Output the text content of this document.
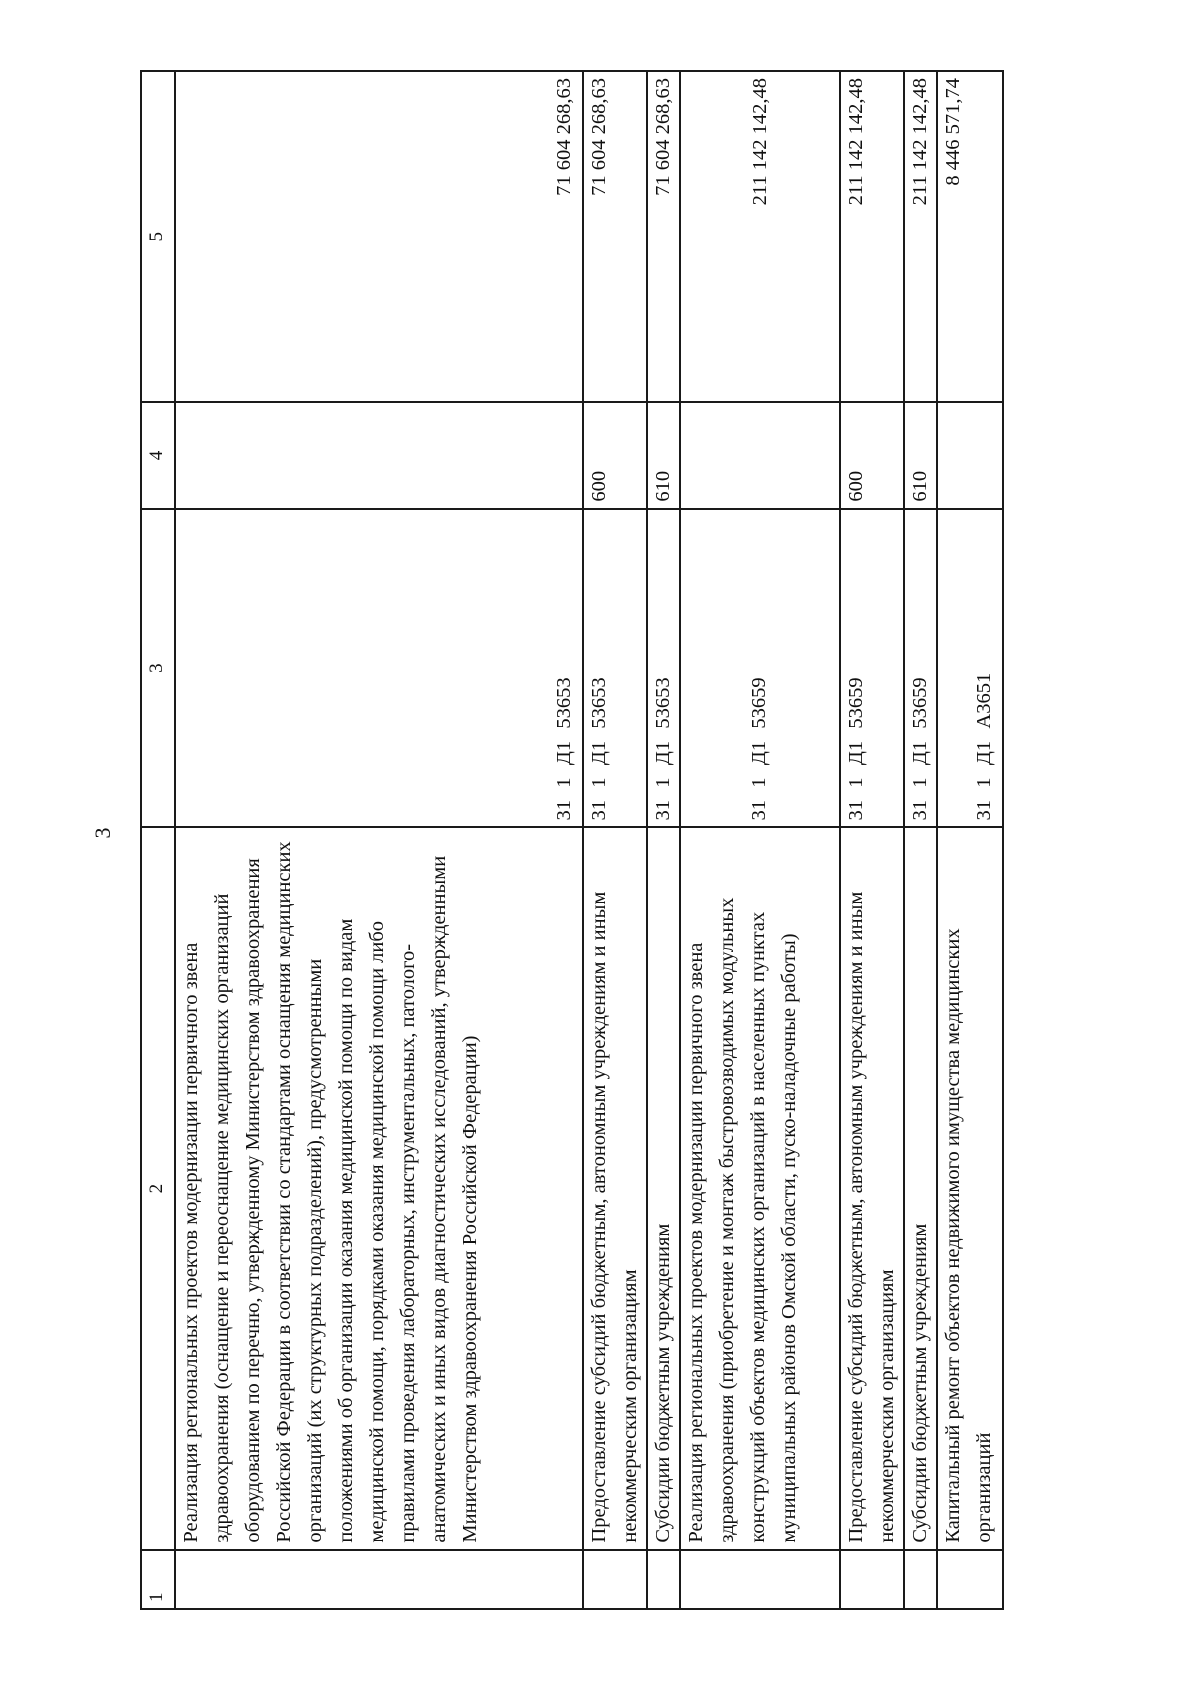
3
1	2	3	4	5
	Реализация региональных проектов модернизации первичного звена здравоохранения (оснащение и переоснащение медицинских организаций оборудованием по перечню, утвержденному Министерством здравоохранения Российской Федерации в соответствии со стандартами оснащения медицинских организаций (их структурных подразделений), предусмотренными положениями об организации оказания медицинской помощи по видам медицинской помощи, порядками оказания медицинской помощи либо правилами проведения лабораторных, инструментальных, патолого-анатомических и иных видов диагностических исследований, утвержденными Министерством здравоохранения Российской Федерации)	31 1 Д1 53653		71 604 268,63
	Предоставление субсидий бюджетным, автономным учреждениям и иным некоммерческим организациям	31 1 Д1 53653	600	71 604 268,63
	Субсидии бюджетным учреждениям	31 1 Д1 53653	610	71 604 268,63
	Реализация региональных проектов модернизации первичного звена здравоохранения (приобретение и монтаж быстровозводимых модульных конструкций объектов медицинских организаций в населенных пунктах муниципальных районов Омской области, пуско-наладочные работы)	31 1 Д1 53659		211 142 142,48
	Предоставление субсидий бюджетным, автономным учреждениям и иным некоммерческим организациям	31 1 Д1 53659	600	211 142 142,48
	Субсидии бюджетным учреждениям	31 1 Д1 53659	610	211 142 142,48
	Капитальный ремонт объектов недвижимого имущества медицинских организаций	31 1 Д1 А3651		8 446 571,74
